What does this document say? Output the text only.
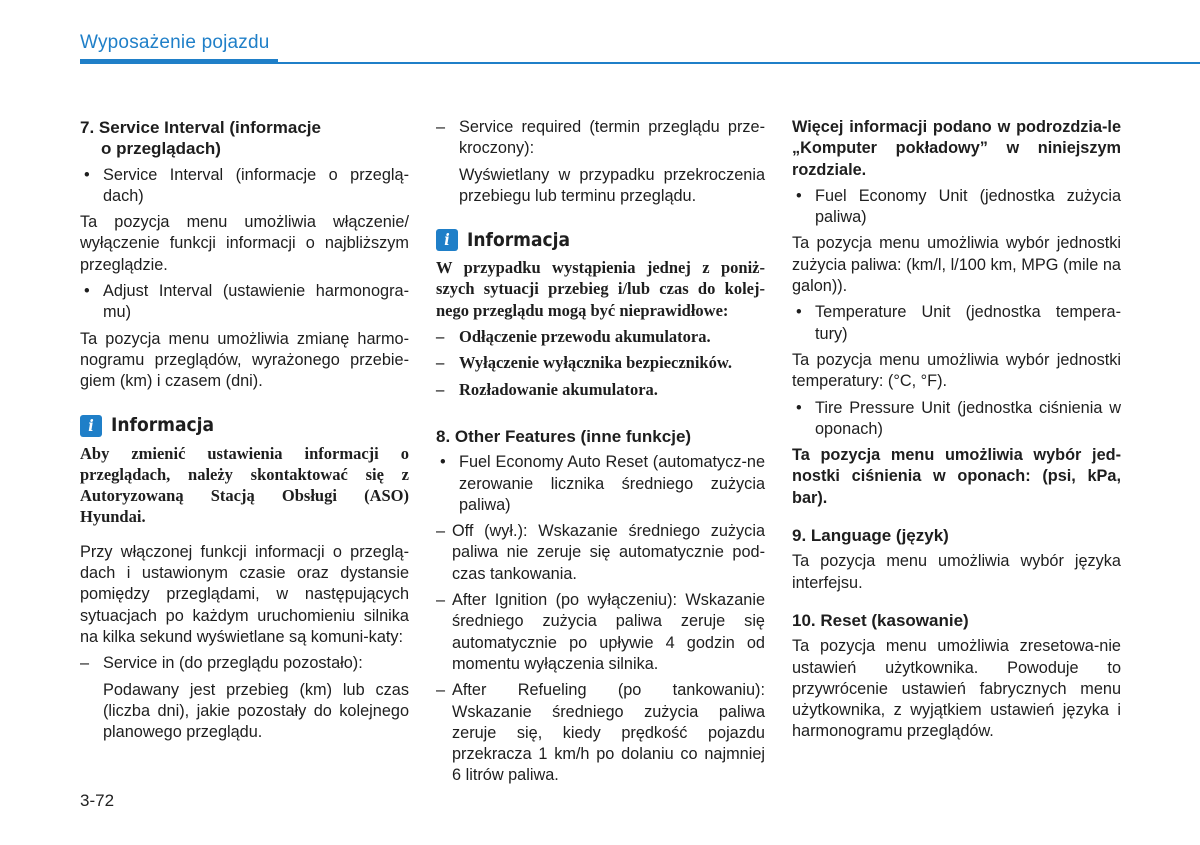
Wyposażenie pojazdu

7. Service Interval (informacje
o przeglądach)

• Service Interval (informacje o przeglą-dach)

Ta pozycja menu umożliwia włączenie/ wyłączenie funkcji informacji o najbliższym przeglądzie.

• Adjust Interval (ustawienie harmonogra-mu)

Ta pozycja menu umożliwia zmianę harmo-nogramu przeglądów, wyrażonego przebie-giem (km) i czasem (dni).

i Informacja

Aby zmienić ustawienia informacji o przeglądach, należy skontaktować się z Autoryzowaną Stacją Obsługi (ASO) Hyundai.

Przy włączonej funkcji informacji o przeglą-dach i ustawionym czasie oraz dystansie pomiędzy przeglądami, w następujących sytuacjach po każdym uruchomieniu silnika na kilka sekund wyświetlane są komuni-katy:

– Service in (do przeglądu pozostało):

Podawany jest przebieg (km) lub czas (liczba dni), jakie pozostały do kolejnego planowego przeglądu.

– Service required (termin przeglądu prze-kroczony):

Wyświetlany w przypadku przekroczenia przebiegu lub terminu przeglądu.

i Informacja

W przypadku wystąpienia jednej z poniż-szych sytuacji przebieg i/lub czas do kolej-nego przeglądu mogą być nieprawidłowe:

– Odłączenie przewodu akumulatora.

– Wyłączenie wyłącznika bezpieczników.

– Rozładowanie akumulatora.

8. Other Features (inne funkcje)

• Fuel Economy Auto Reset (automatycz-ne zerowanie licznika średniego zużycia paliwa)

– Off (wył.): Wskazanie średniego zużycia paliwa nie zeruje się automatycznie pod-czas tankowania.

– After Ignition (po wyłączeniu): Wskazanie średniego zużycia paliwa zeruje się automatycznie po upływie 4 godzin od momentu wyłączenia silnika.

– After Refueling (po tankowaniu): Wskazanie średniego zużycia paliwa zeruje się, kiedy prędkość pojazdu przekracza 1 km/h po dolaniu co najmniej 6 litrów paliwa.

Więcej informacji podano w podrozdzia-le „Komputer pokładowy” w niniejszym rozdziale.

• Fuel Economy Unit (jednostka zużycia paliwa)

Ta pozycja menu umożliwia wybór jednostki zużycia paliwa: (km/l, l/100 km, MPG (mile na galon)).

• Temperature Unit (jednostka tempera-tury)

Ta pozycja menu umożliwia wybór jednostki temperatury: (°C, °F).

• Tire Pressure Unit (jednostka ciśnienia w oponach)

Ta pozycja menu umożliwia wybór jed-nostki ciśnienia w oponach: (psi, kPa, bar).

9. Language (język)

Ta pozycja menu umożliwia wybór języka interfejsu.

10. Reset (kasowanie)

Ta pozycja menu umożliwia zresetowa-nie ustawień użytkownika. Powoduje to przywrócenie ustawień fabrycznych menu użytkownika, z wyjątkiem ustawień języka i harmonogramu przeglądów.

3-72
